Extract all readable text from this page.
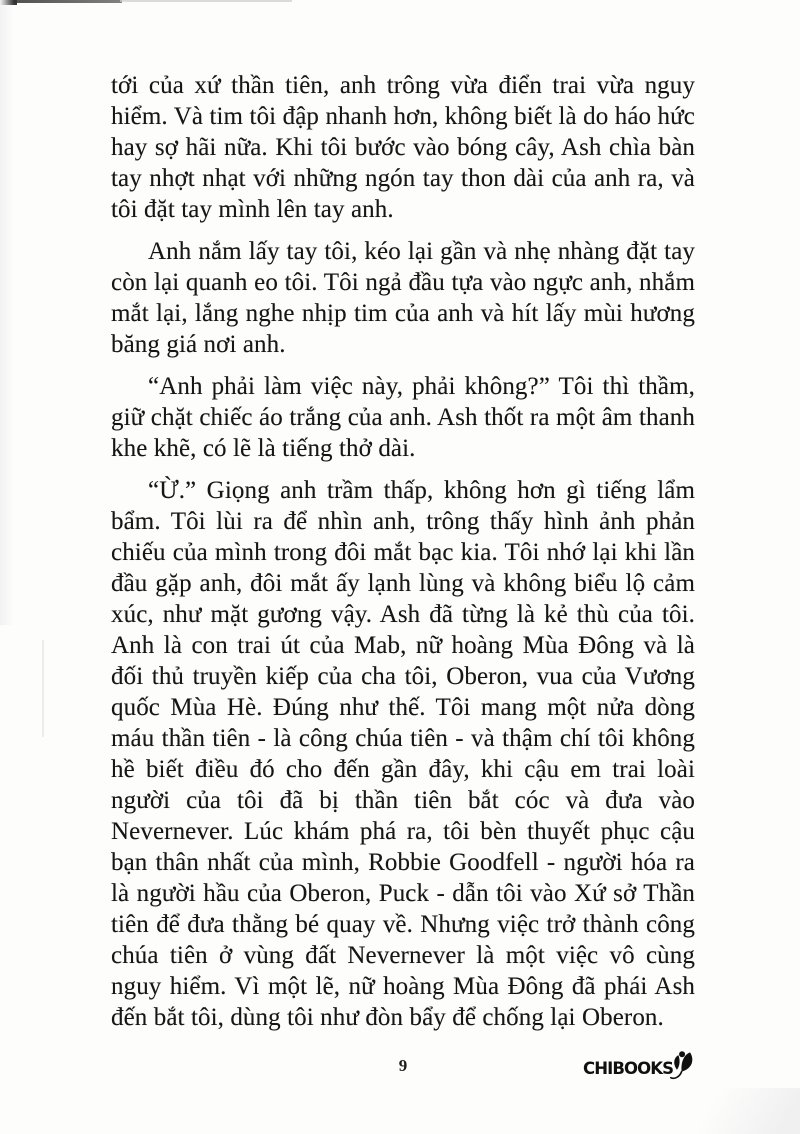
tới của xứ thần tiên, anh trông vừa điển trai vừa nguy hiểm. Và tim tôi đập nhanh hơn, không biết là do háo hức hay sợ hãi nữa. Khi tôi bước vào bóng cây, Ash chìa bàn tay nhợt nhạt với những ngón tay thon dài của anh ra, và tôi đặt tay mình lên tay anh.

Anh nắm lấy tay tôi, kéo lại gần và nhẹ nhàng đặt tay còn lại quanh eo tôi. Tôi ngả đầu tựa vào ngực anh, nhắm mắt lại, lắng nghe nhịp tim của anh và hít lấy mùi hương băng giá nơi anh.

“Anh phải làm việc này, phải không?” Tôi thì thầm, giữ chặt chiếc áo trắng của anh. Ash thốt ra một âm thanh khe khẽ, có lẽ là tiếng thở dài.

“Ừ.” Giọng anh trầm thấp, không hơn gì tiếng lẩm bẩm. Tôi lùi ra để nhìn anh, trông thấy hình ảnh phản chiếu của mình trong đôi mắt bạc kia. Tôi nhớ lại khi lần đầu gặp anh, đôi mắt ấy lạnh lùng và không biểu lộ cảm xúc, như mặt gương vậy. Ash đã từng là kẻ thù của tôi. Anh là con trai út của Mab, nữ hoàng Mùa Đông và là đối thủ truyền kiếp của cha tôi, Oberon, vua của Vương quốc Mùa Hè. Đúng như thế. Tôi mang một nửa dòng máu thần tiên - là công chúa tiên - và thậm chí tôi không hề biết điều đó cho đến gần đây, khi cậu em trai loài người của tôi đã bị thần tiên bắt cóc và đưa vào Nevernever. Lúc khám phá ra, tôi bèn thuyết phục cậu bạn thân nhất của mình, Robbie Goodfell - người hóa ra là người hầu của Oberon, Puck - dẫn tôi vào Xứ sở Thần tiên để đưa thằng bé quay về. Nhưng việc trở thành công chúa tiên ở vùng đất Nevernever là một việc vô cùng nguy hiểm. Vì một lẽ, nữ hoàng Mùa Đông đã phái Ash đến bắt tôi, dùng tôi như đòn bẩy để chống lại Oberon.

9	CHIBOOKS
